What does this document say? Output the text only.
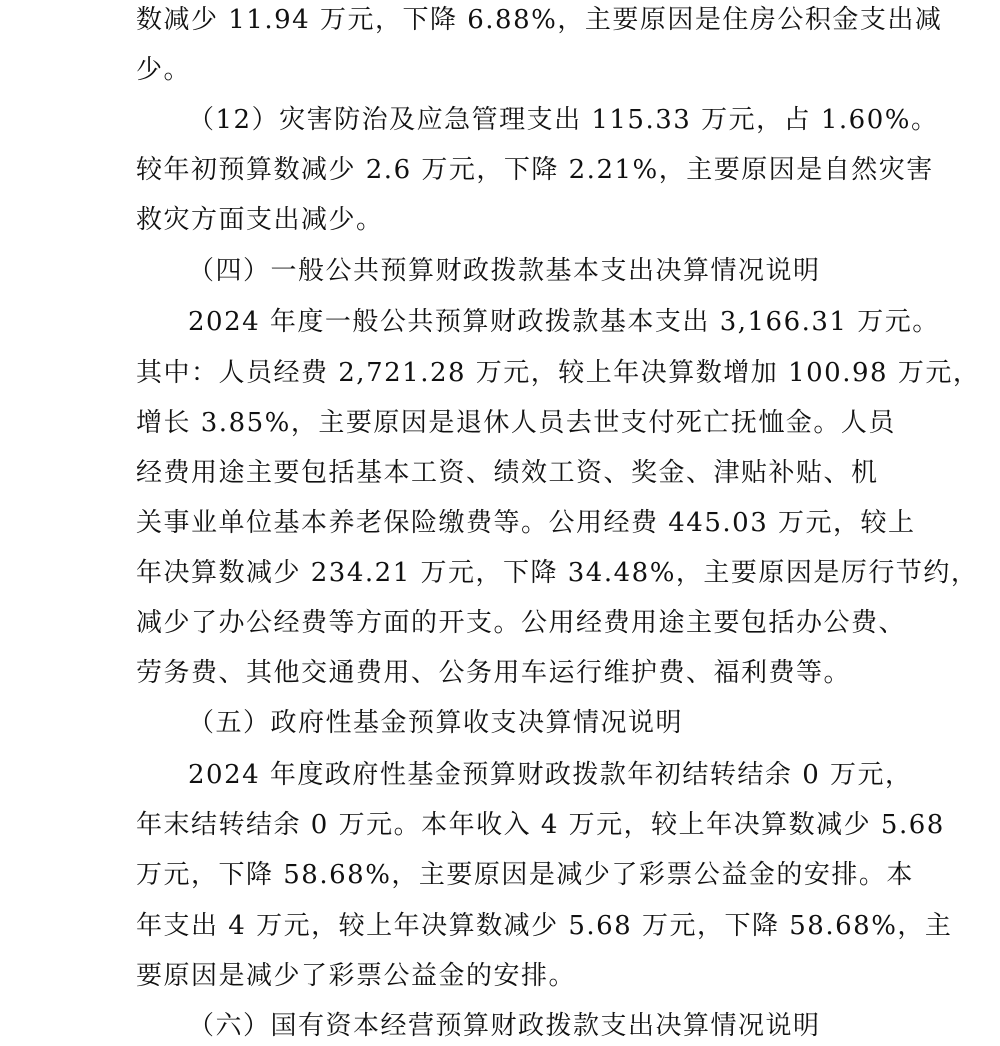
数减少 11.94 万元，下降 6.88%，主要原因是住房公积金支出减
少。
（12）灾害防治及应急管理支出 115.33 万元，占 1.60%。
较年初预算数减少 2.6 万元，下降 2.21%，主要原因是自然灾害
救灾方面支出减少。
（四）一般公共预算财政拨款基本支出决算情况说明
2024 年度一般公共预算财政拨款基本支出 3,166.31 万元。
其中：人员经费 2,721.28 万元，较上年决算数增加 100.98 万元，
增长 3.85%，主要原因是退休人员去世支付死亡抚恤金。人员
经费用途主要包括基本工资、绩效工资、奖金、津贴补贴、机
关事业单位基本养老保险缴费等。公用经费 445.03 万元，较上
年决算数减少 234.21 万元，下降 34.48%，主要原因是厉行节约，
减少了办公经费等方面的开支。公用经费用途主要包括办公费、
劳务费、其他交通费用、公务用车运行维护费、福利费等。
（五）政府性基金预算收支决算情况说明
2024 年度政府性基金预算财政拨款年初结转结余 0 万元，
年末结转结余 0 万元。本年收入 4 万元，较上年决算数减少 5.68
万元，下降 58.68%，主要原因是减少了彩票公益金的安排。本
年支出 4 万元，较上年决算数减少 5.68 万元，下降 58.68%，主
要原因是减少了彩票公益金的安排。
（六）国有资本经营预算财政拨款支出决算情况说明
